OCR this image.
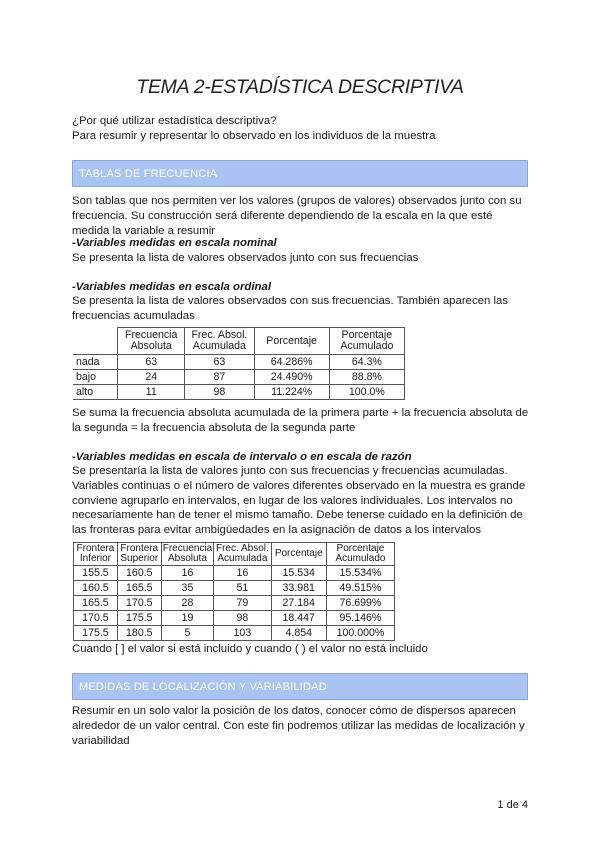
TEMA 2-ESTADÍSTICA DESCRIPTIVA
¿Por qué utilizar estadística descriptiva?
Para resumir y representar lo observado en los individuos de la muestra
TABLAS DE FRECUENCIA
Son tablas que nos permiten ver los valores (grupos de valores) observados junto con su frecuencia. Su construcción será diferente dependiendo de la escala en la que esté medida la variable a resumir
-Variables medidas en escala nominal
Se presenta la lista de valores observados junto con sus frecuencias
-Variables medidas en escala ordinal
Se presenta la lista de valores observados con sus frecuencias. También aparecen las frecuencias acumuladas
	Frecuencia Absoluta	Frec. Absol. Acumulada	Porcentaje	Porcentaje Acumulado
nada	63	63	64.286%	64.3%
bajo	24	87	24.490%	88.8%
alto	11	98	11.224%	100.0%
Se suma la frecuencia absoluta acumulada de la primera parte + la frecuencia absoluta de la segunda = la frecuencia absoluta de la segunda parte
-Variables medidas en escala de intervalo o en escala de razón
Se presentaría la lista de valores junto con sus frecuencias y frecuencias acumuladas. Variables continuas o el número de valores diferentes observado en la muestra es grande conviene agruparlo en intervalos, en lugar de los valores individuales. Los intervalos no necesariamente han de tener el mismo tamaño. Debe tenerse cuidado en la definición de las fronteras para evitar ambigüedades en la asignación de datos a los intervalos
Frontera Inferior	Frontera Superior	Frecuencia Absoluta	Frec. Absol. Acumulada	Porcentaje	Porcentaje Acumulado
155.5	160.5	16	16	15.534	15.534%
160.5	165.5	35	51	33.981	49.515%
165.5	170.5	28	79	27.184	76.699%
170.5	175.5	19	98	18.447	95.146%
175.5	180.5	5	103	4.854	100.000%
Cuando [ ] el valor si está incluido y cuando ( ) el valor no está incluido
MEDIDAS DE LOCALIZACIÓN Y VARIABILIDAD
Resumir en un solo valor la posición de los datos, conocer cómo de dispersos aparecen alrededor de un valor central. Con este fin podremos utilizar las medidas de localización y variabilidad
1 de 4
